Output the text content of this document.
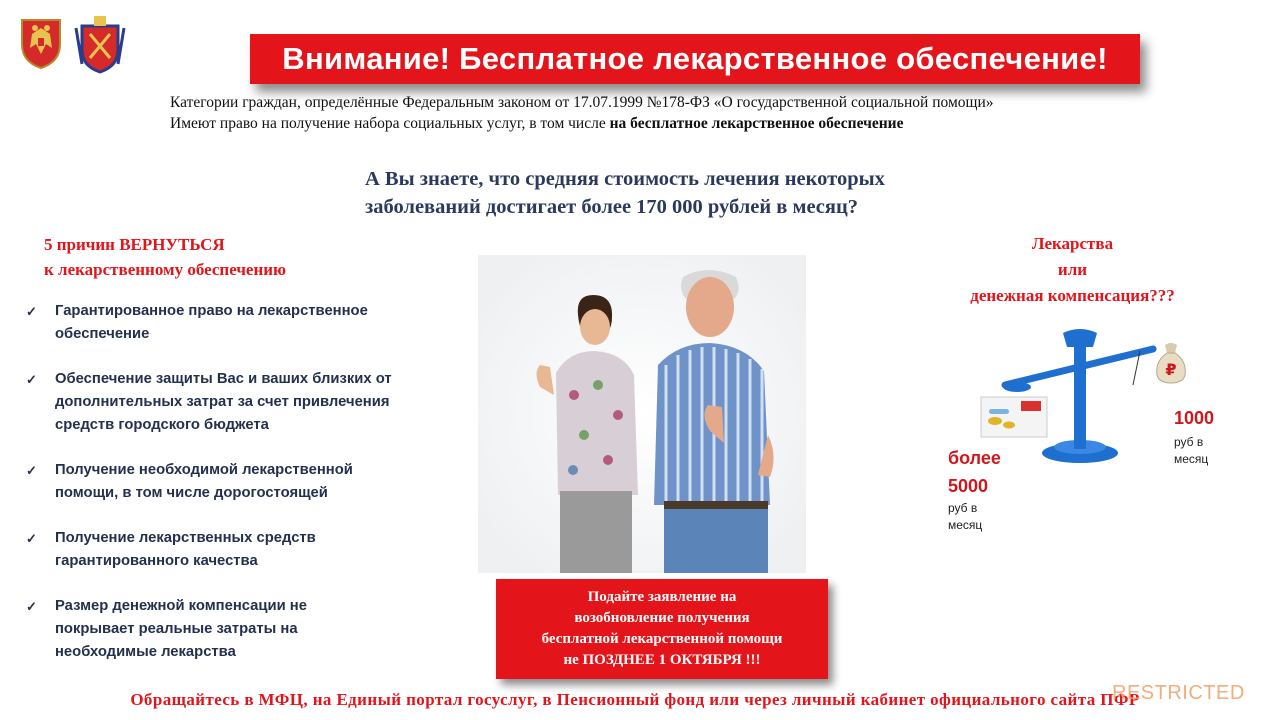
Внимание! Бесплатное лекарственное обеспечение!
Категории граждан, определённые Федеральным законом от 17.07.1999 №178-ФЗ «О государственной социальной помощи»
Имеют право на получение набора социальных услуг, в том числе на бесплатное лекарственное обеспечение
А Вы знаете, что средняя стоимость лечения некоторых
заболеваний достигает более 170 000 рублей в месяц?
5 причин ВЕРНУТЬСЯ
к лекарственному обеспечению
✓ Гарантированное право на лекарственное
обеспечение
✓ Обеспечение защиты Вас и ваших близких от
дополнительных затрат за счет привлечения
средств городского бюджета
✓ Получение необходимой лекарственной
помощи, в том числе дорогостоящей
✓ Получение лекарственных средств
гарантированного качества
✓ Размер денежной компенсации не
покрывает реальные затраты на
необходимые лекарства
Подайте заявление на
возобновление получения
бесплатной лекарственной помощи
не ПОЗДНЕЕ 1 ОКТЯБРЯ !!!
Лекарства
или
денежная компенсация???
₽
более
5000
руб в
месяц
1000
руб в
месяц
Обращайтесь в МФЦ, на Единый портал госуслуг, в Пенсионный фонд или через личный кабинет официального сайта ПФР
RESTRICTED
